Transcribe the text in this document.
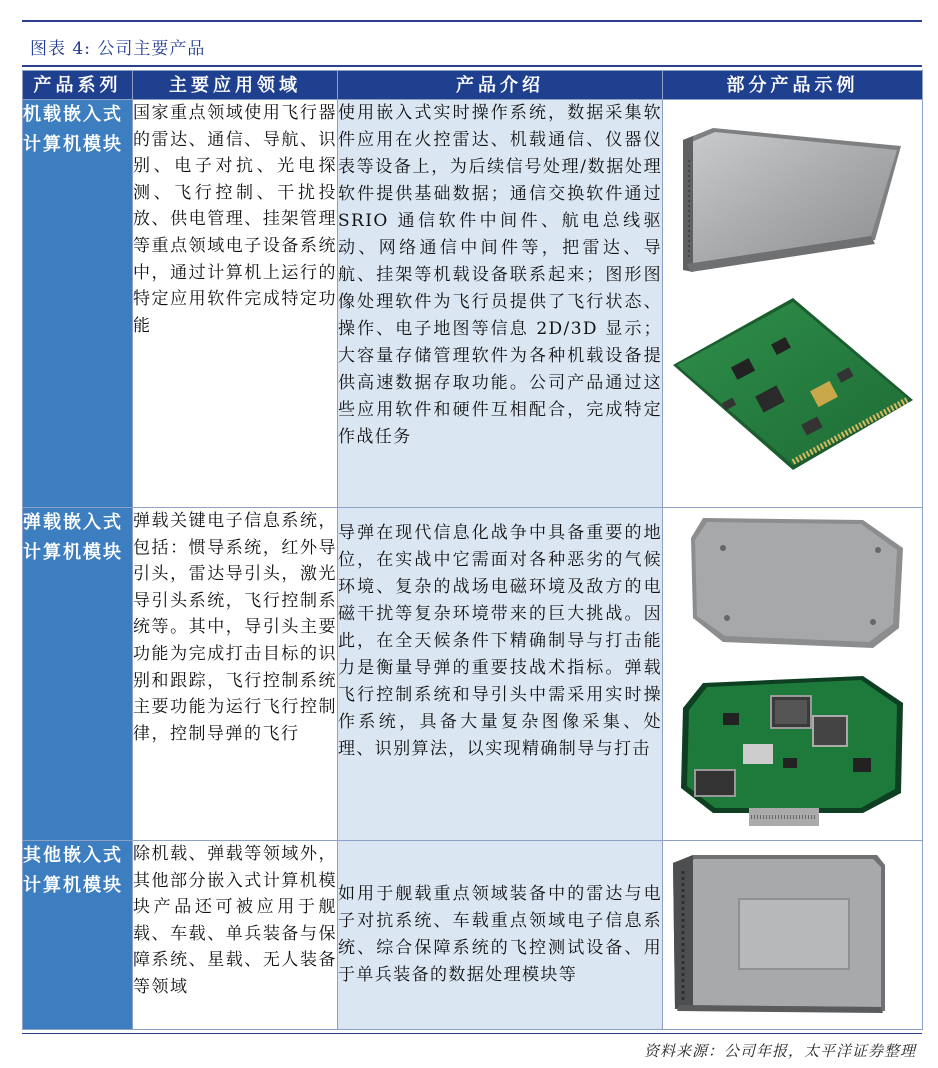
图表 4: 公司主要产品
产品系列	主要应用领域	产品介绍	部分产品示例
机载嵌入式计算机模块	国家重点领域使用飞行器的雷达、通信、导航、识别、电子对抗、光电探测、飞行控制、干扰投放、供电管理、挂架管理等重点领域电子设备系统中，通过计算机上运行的特定应用软件完成特定功能	使用嵌入式实时操作系统，数据采集软件应用在火控雷达、机载通信、仪器仪表等设备上，为后续信号处理/数据处理软件提供基础数据；通信交换软件通过 SRIO 通信软件中间件、航电总线驱动、网络通信中间件等，把雷达、导航、挂架等机载设备联系起来；图形图像处理软件为飞行员提供了飞行状态、操作、电子地图等信息 2D/3D 显示；大容量存储管理软件为各种机载设备提供高速数据存取功能。公司产品通过这些应用软件和硬件互相配合，完成特定作战任务	

弹载嵌入式计算机模块	弹载关键电子信息系统，包括：惯导系统，红外导引头，雷达导引头，激光导引头系统，飞行控制系统等。其中，导引头主要功能为完成打击目标的识别和跟踪，飞行控制系统主要功能为运行飞行控制律，控制导弹的飞行	导弹在现代信息化战争中具备重要的地位，在实战中它需面对各种恶劣的气候环境、复杂的战场电磁环境及敌方的电磁干扰等复杂环境带来的巨大挑战。因此，在全天候条件下精确制导与打击能力是衡量导弹的重要技战术指标。弹载飞行控制系统和导引头中需采用实时操作系统，具备大量复杂图像采集、处理、识别算法，以实现精确制导与打击	

其他嵌入式计算机模块	除机载、弹载等领域外，其他部分嵌入式计算机模块产品还可被应用于舰载、车载、单兵装备与保障系统、星载、无人装备等领域	如用于舰载重点领域装备中的雷达与电子对抗系统、车载重点领域电子信息系统、综合保障系统的飞控测试设备、用于单兵装备的数据处理模块等	
资料来源：公司年报，太平洋证券整理
